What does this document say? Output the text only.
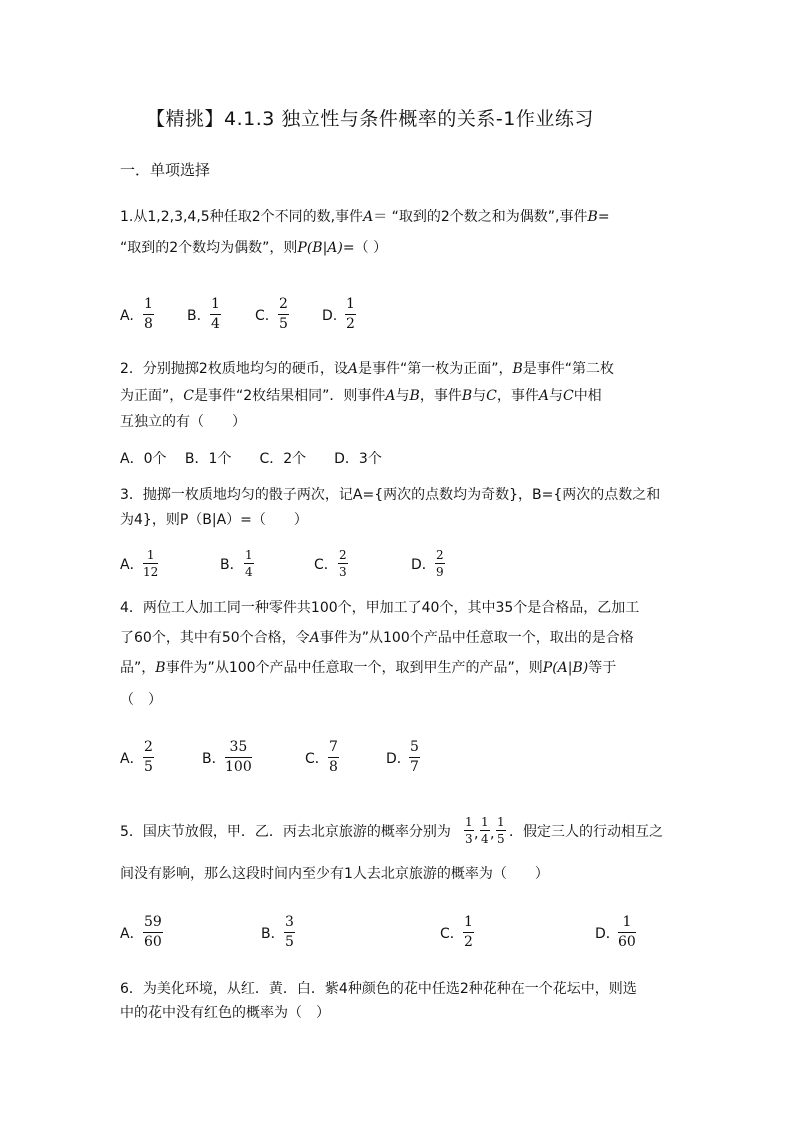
【精挑】4.1.3 独立性与条件概率的关系-1作业练习
一．单项选择
1.从1,2,3,4,5种任取2个不同的数,事件A＝ “取到的2个数之和为偶数”,事件B=
“取到的2个数均为偶数”，则P(B|A)=（ ）
A. $\frac{1}{8} B$. $\frac{1}{4} C$. $\frac{2}{5} D$. $\frac{1}{2}$
2．分别抛掷2枚质地均匀的硬币，设A是事件“第一枚为正面”，B是事件“第二枚
为正面”，C是事件“2枚结果相同”．则事件A与B，事件B与C，事件A与C中相
互独立的有（　　）
A．0个　 B．1个　　C．2个　　D．3个
3．抛掷一枚质地均匀的骰子两次，记A={两次的点数均为奇数}，B={两次的点数之和
为4}，则P（B|A）=（　　）
A． $\frac{1}{12}$	B． $\frac{1}{4}$	C． $\frac{2}{3}$	D． $\frac{2}{9}$
4．两位工人加工同一种零件共100个，甲加工了40个，其中35个是合格品，乙加工
了60个，其中有50个合格，令A事件为”从100个产品中任意取一个，取出的是合格
品”，B事件为”从100个产品中任意取一个，取到甲生产的产品”，则P(A|B)等于
（　）
A． $\frac{2}{5}$	B． $\frac{35}{100}$	C． $\frac{7}{8}$	D．
$\frac{5}{7}$
5．国庆节放假，甲．乙．丙去北京旅游的概率分别为 $\frac{1}{3}$ , $\frac{1}{4}$ , $\frac{1}{5}$ ．假定三人的行动相互之
间没有影响，那么这段时间内至少有1人去北京旅游的概率为（　　）
A． $\frac{59}{60}$	B． $\frac{3}{5}$	C． $\frac{1}{2}$	D．
$\frac{1}{60}$
6．为美化环境，从红．黄．白．紫4种颜色的花中任选2种花种在一个花坛中，则选
中的花中没有红色的概率为（　）
